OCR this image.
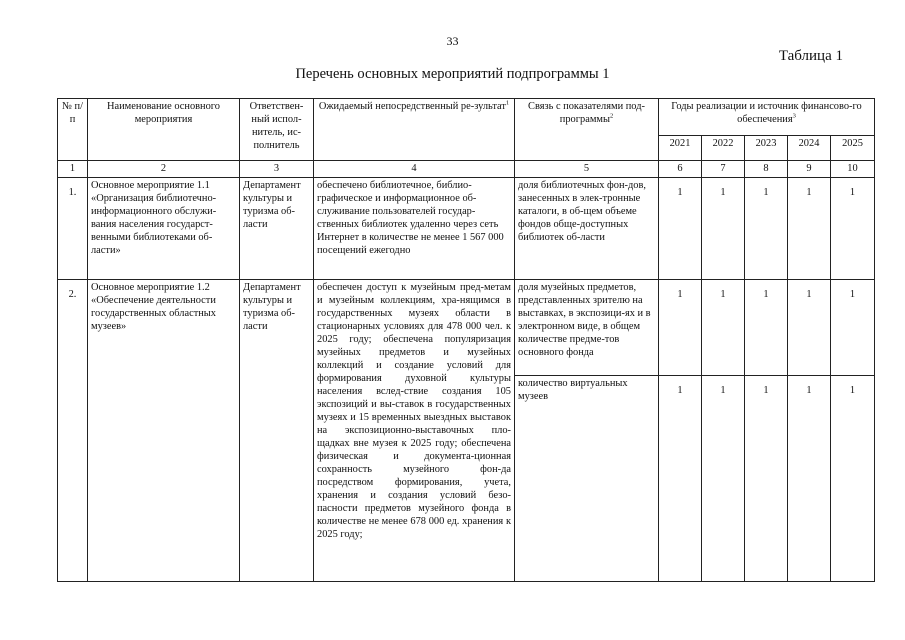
33
Таблица 1
Перечень основных мероприятий подпрограммы 1
№ п/п	Наименование основного мероприятия	Ответствен-ный испол-нитель, ис-полнитель	Ожидаемый непосредственный ре-зультат$^1$	Связь с показателями под-программы$^2$	Годы реализации и источник финансово-го обеспечения$^3$
					2021	2022	2023	2024	2025
1	2	3	4	5	6	7	8	9	10
1.	Основное мероприятие 1.1 «Организация библиотечно-информационного обслужи-вания населения государст-венными библиотеками об-ласти»	Департамент культуры и туризма об-ласти	обеспечено библиотечное, библио-графическое и информационное об-служивание пользователей государ-ственных библиотек удаленно через сеть Интернет в количестве не менее 1 567 000 посещений ежегодно	доля библиотечных фон-дов, занесенных в элек-тронные каталоги, в об-щем объеме фондов обще-доступных библиотек об-ласти	1	1	1	1	1
2.	Основное мероприятие 1.2 «Обеспечение деятельности государственных областных музеев»	Департамент культуры и туризма об-ласти	обеспечен доступ к музейным пред-метам и музейным коллекциям, хра-нящимся в государственных музеях области в стационарных условиях для 478 000 чел. к 2025 году; обеспечена популяризация музейных предметов и музейных коллекций и создание условий для формирования духовной культуры населения вслед-ствие создания 105 экспозиций и вы-ставок в государственных музеях и 15 временных выездных выставок на экспозиционно-выставочных пло-щадках вне музея к 2025 году; обеспечена физическая и документа-ционная сохранность музейного фон-да посредством формирования, учета, хранения и создания условий безо-пасности предметов музейного фонда в количестве не менее 678 000 ед. хранения к 2025 году;	доля музейных предметов, представленных зрителю на выставках, в экспозици-ях и в электронном виде, в общем количестве предме-тов основного фонда	1	1	1	1	1
				количество виртуальных музеев	1	1	1	1	1
